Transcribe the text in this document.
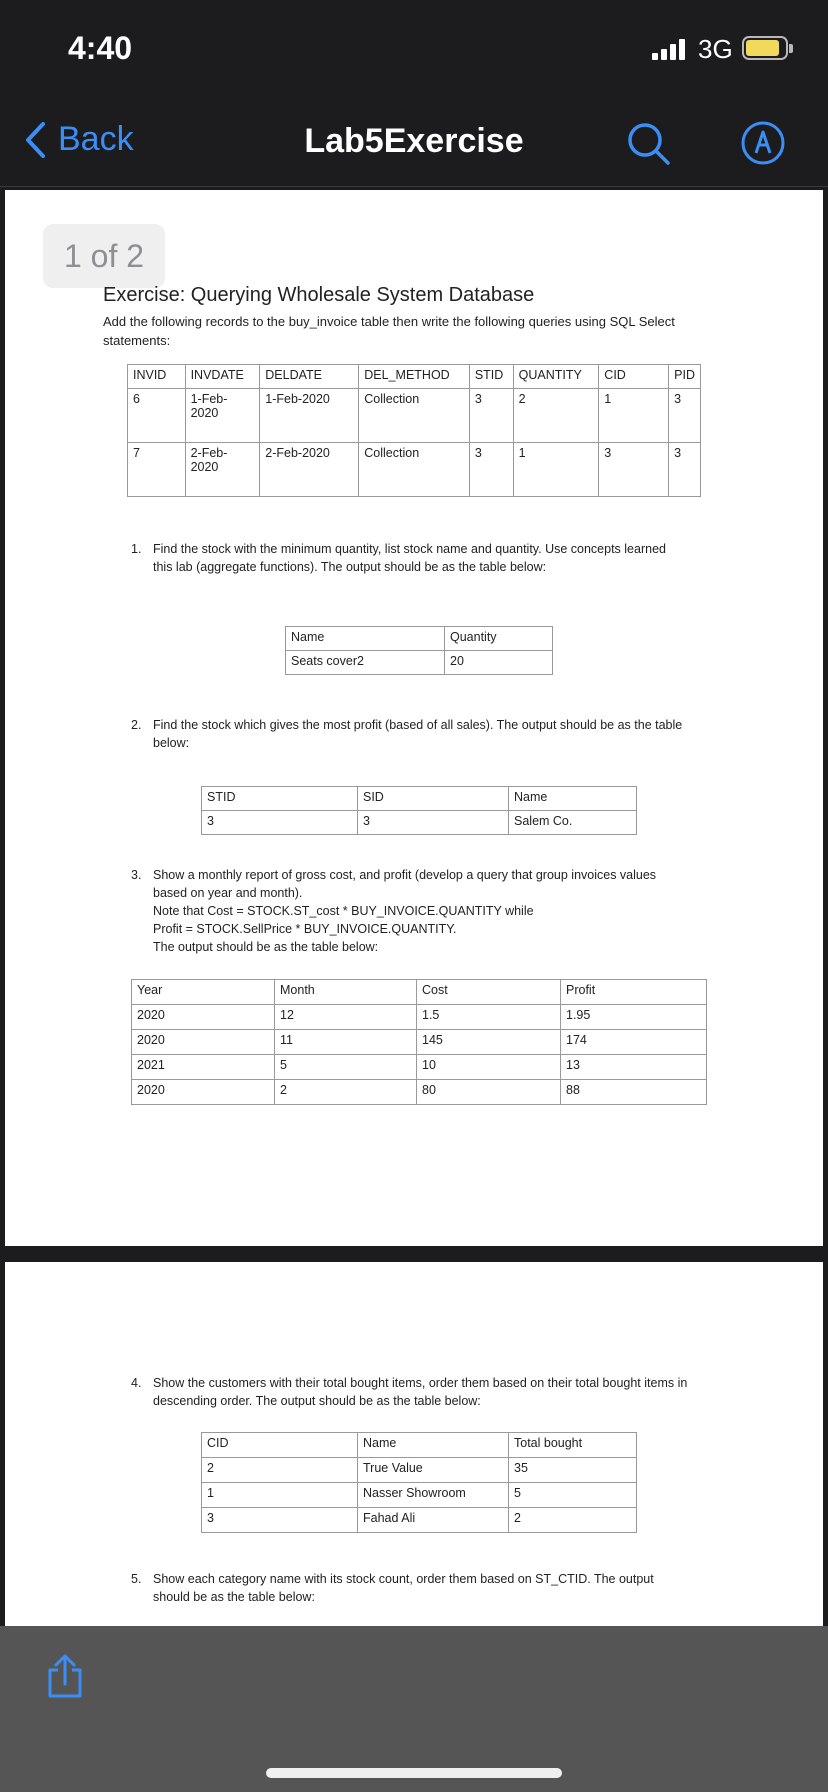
4:40	3G
Back	Lab5Exercise
1 of 2
Exercise: Querying Wholesale System Database
Add the following records to the buy_invoice table then write the following queries using SQL Select statements:
INVID	INVDATE	DELDATE	DEL_METHOD	STID	QUANTITY	CID	PID
6	1-Feb-2020	1-Feb-2020	Collection	3	2	1	3
7	2-Feb-2020	2-Feb-2020	Collection	3	1	3	3
1. Find the stock with the minimum quantity, list stock name and quantity. Use concepts learned this lab (aggregate functions). The output should be as the table below:
Name	Quantity
Seats cover2	20
2. Find the stock which gives the most profit (based of all sales). The output should be as the table below:
STID	SID	Name
3	3	Salem Co.
3. Show a monthly report of gross cost, and profit (develop a query that group invoices values based on year and month).
Note that Cost = STOCK.ST_cost * BUY_INVOICE.QUANTITY while
Profit = STOCK.SellPrice * BUY_INVOICE.QUANTITY.
The output should be as the table below:
Year	Month	Cost	Profit
2020	12	1.5	1.95
2020	11	145	174
2021	5	10	13
2020	2	80	88
4. Show the customers with their total bought items, order them based on their total bought items in descending order. The output should be as the table below:
CID	Name	Total bought
2	True Value	35
1	Nasser Showroom	5
3	Fahad Ali	2
5. Show each category name with its stock count, order them based on ST_CTID. The output should be as the table below:
